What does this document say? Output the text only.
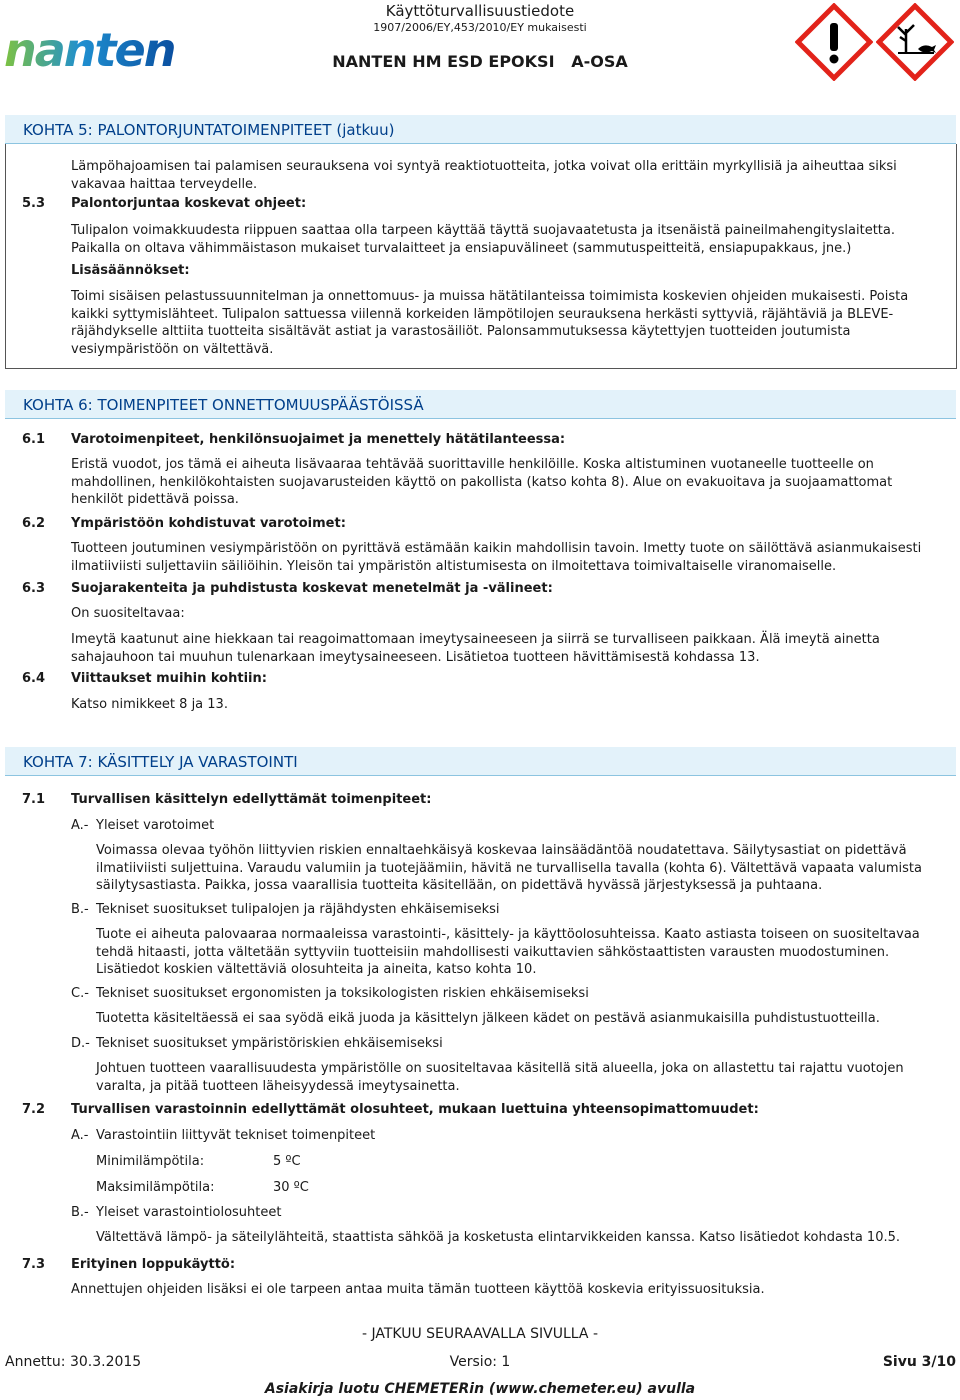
nanten
Käyttöturvallisuustiedote
1907/2006/EY,453/2010/EY mukaisesti
NANTEN HM ESD EPOKSI   A-OSA
KOHTA 5: PALONTORJUNTATOIMENPITEET (jatkuu)
Lämpöhajoamisen tai palamisen seurauksena voi syntyä reaktiotuotteita, jotka voivat olla erittäin myrkyllisiä ja aiheuttaa siksi vakavaa haittaa terveydelle.
5.3 Palontorjuntaa koskevat ohjeet:
Tulipalon voimakkuudesta riippuen saattaa olla tarpeen käyttää täyttä suojavaatetusta ja itsenäistä paineilmahengityslaitetta. Paikalla on oltava vähimmäistason mukaiset turvalaitteet ja ensiapuvälineet (sammutuspeitteitä, ensiapupakkaus, jne.)
Lisäsäännökset:
Toimi sisäisen pelastussuunnitelman ja onnettomuus- ja muissa hätätilanteissa toimimista koskevien ohjeiden mukaisesti. Poista kaikki syttymislähteet. Tulipalon sattuessa viilennä korkeiden lämpötilojen seurauksena herkästi syttyviä, räjähtäviä ja BLEVE-räjähdykselle alttiita tuotteita sisältävät astiat ja varastosäiliöt. Palonsammutuksessa käytettyjen tuotteiden joutumista vesiympäristöön on vältettävä.
KOHTA 6: TOIMENPITEET ONNETTOMUUSPÄÄSTÖISSÄ
6.1 Varotoimenpiteet, henkilönsuojaimet ja menettely hätätilanteessa:
Eristä vuodot, jos tämä ei aiheuta lisävaaraa tehtävää suorittaville henkilöille. Koska altistuminen vuotaneelle tuotteelle on mahdollinen, henkilökohtaisten suojavarusteiden käyttö on pakollista (katso kohta 8). Alue on evakuoitava ja suojaamattomat henkilöt pidettävä poissa.
6.2 Ympäristöön kohdistuvat varotoimet:
Tuotteen joutuminen vesiympäristöön on pyrittävä estämään kaikin mahdollisin tavoin. Imetty tuote on säilöttävä asianmukaisesti ilmatiiviisti suljettaviin säiliöihin. Yleisön tai ympäristön altistumisesta on ilmoitettava toimivaltaiselle viranomaiselle.
6.3 Suojarakenteita ja puhdistusta koskevat menetelmät ja -välineet:
On suositeltavaa:
Imeytä kaatunut aine hiekkaan tai reagoimattomaan imeytysaineeseen ja siirrä se turvalliseen paikkaan. Älä imeytä ainetta sahajauhoon tai muuhun tulenarkaan imeytysaineeseen. Lisätietoa tuotteen hävittämisestä kohdassa 13.
6.4 Viittaukset muihin kohtiin:
Katso nimikkeet 8 ja 13.
KOHTA 7: KÄSITTELY JA VARASTOINTI
7.1 Turvallisen käsittelyn edellyttämät toimenpiteet:
A.- Yleiset varotoimet
Voimassa olevaa työhön liittyvien riskien ennaltaehkäisyä koskevaa lainsäädäntöä noudatettava. Säilytysastiat on pidettävä ilmatiiviisti suljettuina. Varaudu valumiin ja tuotejäämiin, hävitä ne turvallisella tavalla (kohta 6). Vältettävä vapaata valumista säilytysastiasta. Paikka, jossa vaarallisia tuotteita käsitellään, on pidettävä hyvässä järjestyksessä ja puhtaana.
B.- Tekniset suositukset tulipalojen ja räjähdysten ehkäisemiseksi
Tuote ei aiheuta palovaaraa normaaleissa varastointi-, käsittely- ja käyttöolosuhteissa. Kaato astiasta toiseen on suositeltavaa tehdä hitaasti, jotta vältetään syttyviin tuotteisiin mahdollisesti vaikuttavien sähköstaattisten varausten muodostuminen. Lisätiedot koskien vältettäviä olosuhteita ja aineita, katso kohta 10.
C.- Tekniset suositukset ergonomisten ja toksikologisten riskien ehkäisemiseksi
Tuotetta käsiteltäessä ei saa syödä eikä juoda ja käsittelyn jälkeen kädet on pestävä asianmukaisilla puhdistustuotteilla.
D.- Tekniset suositukset ympäristöriskien ehkäisemiseksi
Johtuen tuotteen vaarallisuudesta ympäristölle on suositeltavaa käsitellä sitä alueella, joka on allastettu tai rajattu vuotojen varalta, ja pitää tuotteen läheisyydessä imeytysainetta.
7.2 Turvallisen varastoinnin edellyttämät olosuhteet, mukaan luettuina yhteensopimattomuudet:
A.- Varastointiin liittyvät tekniset toimenpiteet
Minimilämpötila:	5 ºC
Maksimilämpötila:	30 ºC
B.- Yleiset varastointiolosuhteet
Vältettävä lämpö- ja säteilylähteitä, staattista sähköä ja kosketusta elintarvikkeiden kanssa. Katso lisätiedot kohdasta 10.5.
7.3 Erityinen loppukäyttö:
Annettujen ohjeiden lisäksi ei ole tarpeen antaa muita tämän tuotteen käyttöä koskevia erityissuosituksia.
- JATKUU SEURAAVALLA SIVULLA -
Annettu: 30.3.2015	Versio: 1	Sivu 3/10
Asiakirja luotu CHEMETERin (www.chemeter.eu) avulla
